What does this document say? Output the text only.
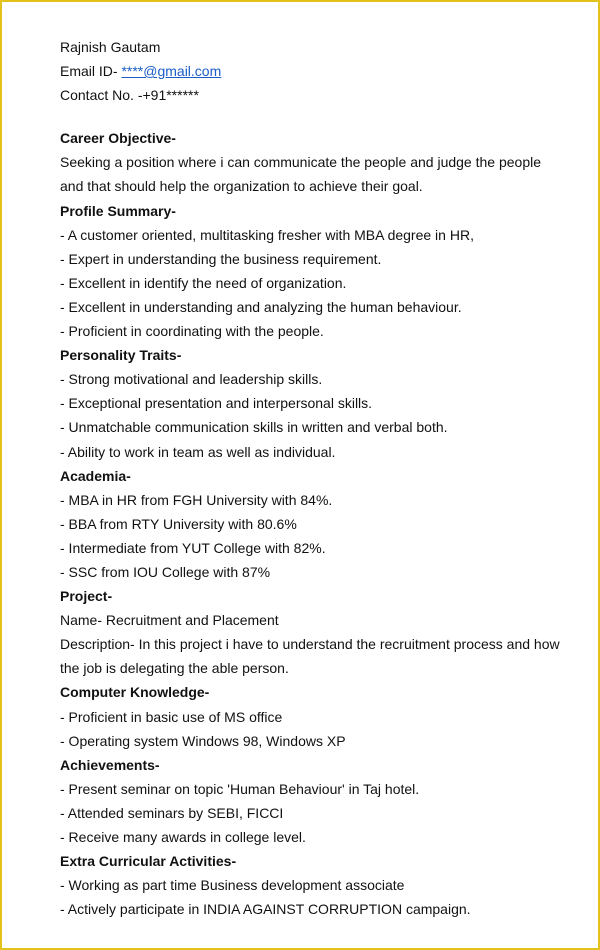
Rajnish Gautam
Email ID- ****@gmail.com
Contact No. -+91******
Career Objective-
Seeking a position where i can communicate the people and judge the people
and that should help the organization to achieve their goal.
Profile Summary-
- A customer oriented, multitasking fresher with MBA degree in HR,
- Expert in understanding the business requirement.
- Excellent in identify the need of organization.
- Excellent in understanding and analyzing the human behaviour.
- Proficient in coordinating with the people.
Personality Traits-
- Strong motivational and leadership skills.
- Exceptional presentation and interpersonal skills.
- Unmatchable communication skills in written and verbal both.
- Ability to work in team as well as individual.
Academia-
- MBA in HR from FGH University with 84%.
- BBA from RTY University with 80.6%
- Intermediate from YUT College with 82%.
- SSC from IOU College with 87%
Project-
Name- Recruitment and Placement
Description- In this project i have to understand the recruitment process and how
the job is delegating the able person.
Computer Knowledge-
- Proficient in basic use of MS office
- Operating system Windows 98, Windows XP
Achievements-
- Present seminar on topic 'Human Behaviour' in Taj hotel.
- Attended seminars by SEBI, FICCI
- Receive many awards in college level.
Extra Curricular Activities-
- Working as part time Business development associate
- Actively participate in INDIA AGAINST CORRUPTION campaign.
